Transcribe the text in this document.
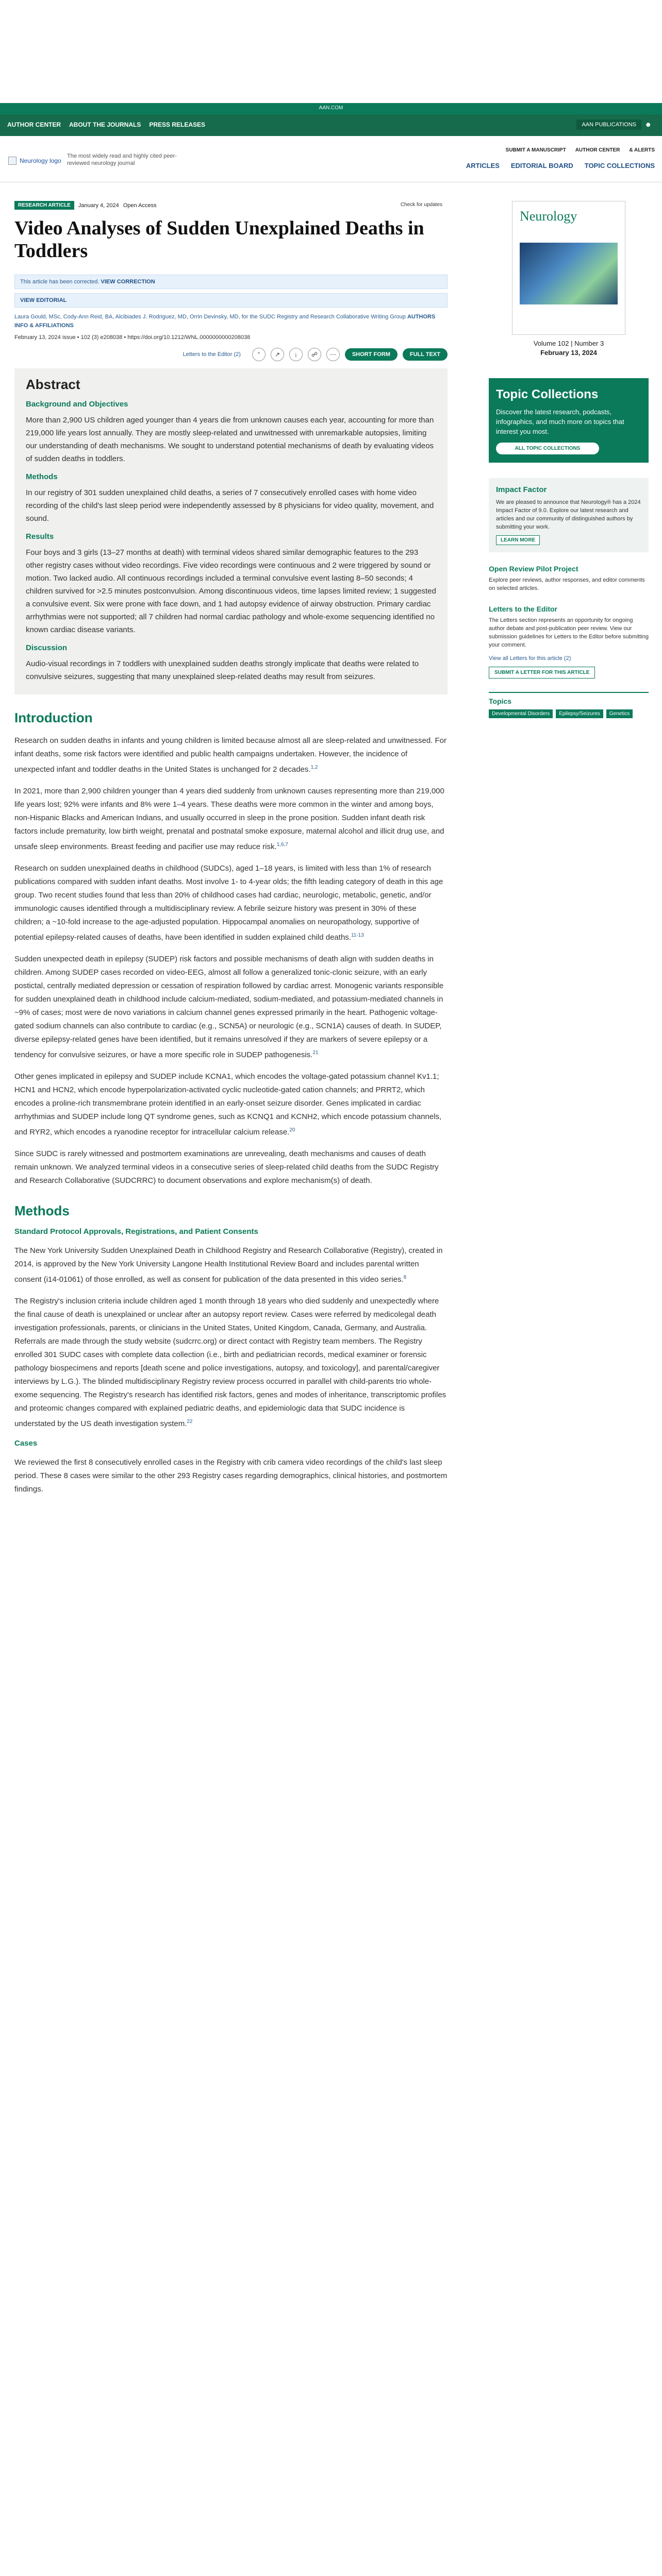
AAN.COM
AUTHOR CENTER ABOUT THE JOURNALS PRESS RELEASES	AAN PUBLICATIONS	☻
Neurology logo
The most widely read and highly cited peer-reviewed neurology journal
SUBMIT A MANUSCRIPT AUTHOR CENTER & ALERTS
ARTICLES EDITORIAL BOARD TOPIC COLLECTIONS
RESEARCH ARTICLE	January 4, 2024 Open Access	Check for updates
Video Analyses of Sudden Unexplained Deaths in Toddlers
This article has been corrected. VIEW CORRECTION
VIEW EDITORIAL
Laura Gould, MSc, Cody-Ann Reid, BA, Alcibiades J. Rodriguez, MD, Orrin Devinsky, MD, for the SUDC Registry and Research Collaborative Writing Group AUTHORS INFO & AFFILIATIONS
February 13, 2024 issue • 102 (3) e208038 • https://doi.org/10.1212/WNL.0000000000208038
Letters to the Editor (2)	“	↗	↓	☍	⋯	SHORT FORM	FULL TEXT
Abstract
Background and Objectives

More than 2,900 US children aged younger than 4 years die from unknown causes each year, accounting for more than 219,000 life years lost annually. They are mostly sleep-related and unwitnessed with unremarkable autopsies, limiting our understanding of death mechanisms. We sought to understand potential mechanisms of death by evaluating videos of sudden deaths in toddlers.

Methods

In our registry of 301 sudden unexplained child deaths, a series of 7 consecutively enrolled cases with home video recording of the child's last sleep period were independently assessed by 8 physicians for video quality, movement, and sound.

Results

Four boys and 3 girls (13–27 months at death) with terminal videos shared similar demographic features to the 293 other registry cases without video recordings. Five video recordings were continuous and 2 were triggered by sound or motion. Two lacked audio. All continuous recordings included a terminal convulsive event lasting 8–50 seconds; 4 children survived for >2.5 minutes postconvulsion. Among discontinuous videos, time lapses limited review; 1 suggested a convulsive event. Six were prone with face down, and 1 had autopsy evidence of airway obstruction. Primary cardiac arrhythmias were not supported; all 7 children had normal cardiac pathology and whole-exome sequencing identified no known cardiac disease variants.

Discussion

Audio-visual recordings in 7 toddlers with unexplained sudden deaths strongly implicate that deaths were related to convulsive seizures, suggesting that many unexplained sleep-related deaths may result from seizures.

Introduction

Research on sudden deaths in infants and young children is limited because almost all are sleep-related and unwitnessed. For infant deaths, some risk factors were identified and public health campaigns undertaken. However, the incidence of unexpected infant and toddler deaths in the United States is unchanged for 2 decades.$^{1,2}$

In 2021, more than 2,900 children younger than 4 years died suddenly from unknown causes representing more than 219,000 life years lost; 92% were infants and 8% were 1–4 years. These deaths were more common in the winter and among boys, non-Hispanic Blacks and American Indians, and usually occurred in sleep in the prone position. Sudden infant death risk factors include prematurity, low birth weight, prenatal and postnatal smoke exposure, maternal alcohol and illicit drug use, and unsafe sleep environments. Breast feeding and pacifier use may reduce risk.$^{1,6,7}$

Research on sudden unexplained deaths in childhood (SUDCs), aged 1–18 years, is limited with less than 1% of research publications compared with sudden infant deaths. Most involve 1- to 4-year olds; the fifth leading category of death in this age group. Two recent studies found that less than 20% of childhood cases had cardiac, neurologic, metabolic, genetic, and/or immunologic causes identified through a multidisciplinary review. A febrile seizure history was present in 30% of these children; a ~10-fold increase to the age-adjusted population. Hippocampal anomalies on neuropathology, supportive of potential epilepsy-related causes of deaths, have been identified in sudden explained child deaths.$^{11-13}$

Sudden unexpected death in epilepsy (SUDEP) risk factors and possible mechanisms of death align with sudden deaths in children. Among SUDEP cases recorded on video-EEG, almost all follow a generalized tonic-clonic seizure, with an early postictal, centrally mediated depression or cessation of respiration followed by cardiac arrest. Monogenic variants responsible for sudden unexplained death in childhood include calcium-mediated, sodium-mediated, and potassium-mediated channels in ~9% of cases; most were de novo variations in calcium channel genes expressed primarily in the heart. Pathogenic voltage-gated sodium channels can also contribute to cardiac (e.g., SCN5A) or neurologic (e.g., SCN1A) causes of death. In SUDEP, diverse epilepsy-related genes have been identified, but it remains unresolved if they are markers of severe epilepsy or a tendency for convulsive seizures, or have a more specific role in SUDEP pathogenesis.$^{21}$

Other genes implicated in epilepsy and SUDEP include KCNA1, which encodes the voltage-gated potassium channel Kv1.1; HCN1 and HCN2, which encode hyperpolarization-activated cyclic nucleotide-gated cation channels; and PRRT2, which encodes a proline-rich transmembrane protein identified in an early-onset seizure disorder. Genes implicated in cardiac arrhythmias and SUDEP include long QT syndrome genes, such as KCNQ1 and KCNH2, which encode potassium channels, and RYR2, which encodes a ryanodine receptor for intracellular calcium release.$^{20}$

Since SUDC is rarely witnessed and postmortem examinations are unrevealing, death mechanisms and causes of death remain unknown. We analyzed terminal videos in a consecutive series of sleep-related child deaths from the SUDC Registry and Research Collaborative (SUDCRRC) to document observations and explore mechanism(s) of death.

Methods
Standard Protocol Approvals, Registrations, and Patient Consents

The New York University Sudden Unexplained Death in Childhood Registry and Research Collaborative (Registry), created in 2014, is approved by the New York University Langone Health Institutional Review Board and includes parental written consent (i14-01061) of those enrolled, as well as consent for publication of the data presented in this video series.$^8$

The Registry's inclusion criteria include children aged 1 month through 18 years who died suddenly and unexpectedly where the final cause of death is unexplained or unclear after an autopsy report review. Cases were referred by medicolegal death investigation professionals, parents, or clinicians in the United States, United Kingdom, Canada, Germany, and Australia. Referrals are made through the study website (sudcrrc.org) or direct contact with Registry team members. The Registry enrolled 301 SUDC cases with complete data collection (i.e., birth and pediatrician records, medical examiner or forensic pathology biospecimens and reports [death scene and police investigations, autopsy, and toxicology], and parental/caregiver interviews by L.G.). The blinded multidisciplinary Registry review process occurred in parallel with child-parents trio whole-exome sequencing. The Registry's research has identified risk factors, genes and modes of inheritance, transcriptomic profiles and proteomic changes compared with explained pediatric deaths, and epidemiologic data that SUDC incidence is understated by the US death investigation system.$^{22}$

Cases

We reviewed the first 8 consecutively enrolled cases in the Registry with crib camera video recordings of the child's last sleep period. These 8 cases were similar to the other 293 Registry cases regarding demographics, clinical histories, and postmortem findings.

Neurology
Volume 102 | Number 3
February 13, 2024
Topic Collections

Discover the latest research, podcasts, infographics, and much more on topics that interest you most.

ALL TOPIC COLLECTIONS
Impact Factor

We are pleased to announce that Neurology® has a 2024 Impact Factor of 9.0. Explore our latest research and articles and our community of distinguished authors by submitting your work.

LEARN MORE
Open Review Pilot Project

Explore peer reviews, author responses, and editor comments on selected articles.

Letters to the Editor

The Letters section represents an opportunity for ongoing author debate and post-publication peer review. View our submission guidelines for Letters to the Editor before submitting your comment.

View all Letters for this article (2)
SUBMIT A LETTER FOR THIS ARTICLE
Topics
Developmental Disorders	Epilepsy/Seizures	Genetics
